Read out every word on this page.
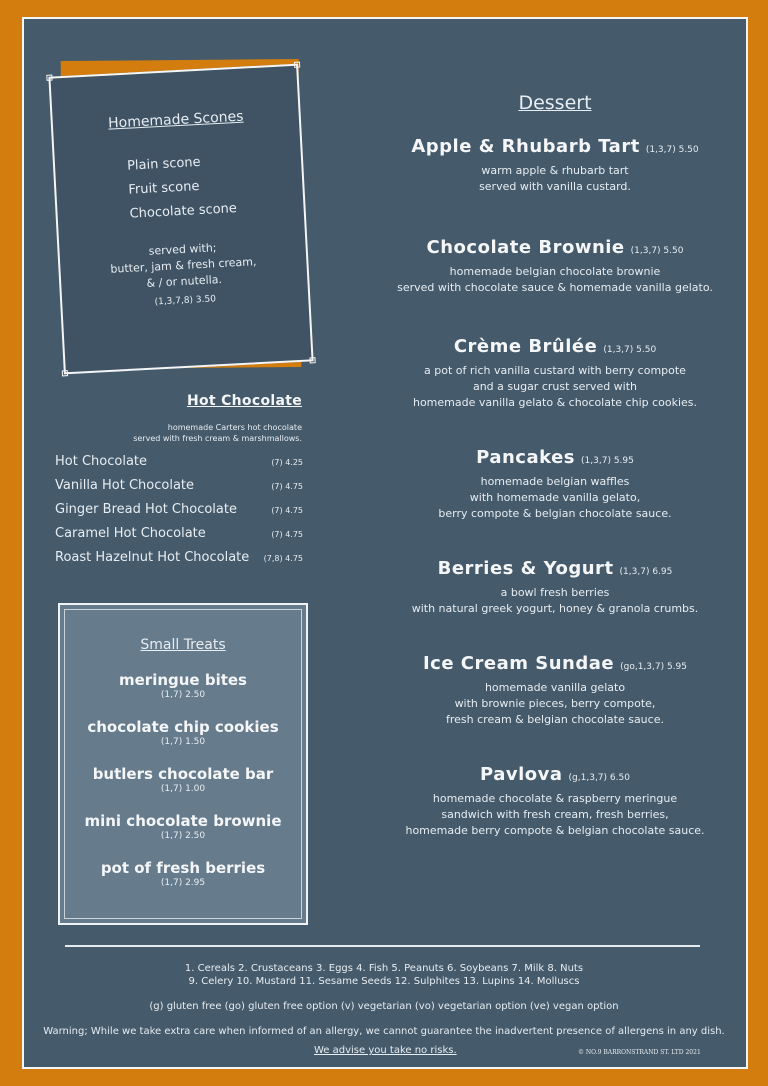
Homemade Scones
Plain scone
Fruit scone
Chocolate scone
served with;
butter, jam & fresh cream,
& / or nutella.
(1,3,7,8) 3.50
Hot Chocolate
homemade Carters hot chocolate
served with fresh cream & marshmallows.
Hot Chocolate	(7) 4.25
Vanilla Hot Chocolate	(7) 4.75
Ginger Bread Hot Chocolate	(7) 4.75
Caramel Hot Chocolate	(7) 4.75
Roast Hazelnut Hot Chocolate (7,8) 4.75
Small Treats
meringue bites
(1,7) 2.50
chocolate chip cookies
(1,7) 1.50
butlers chocolate bar
(1,7) 1.00
mini chocolate brownie
(1,7) 2.50
pot of fresh berries
(1,7) 2.95
Dessert
Apple & Rhubarb Tart (1,3,7) 5.50
warm apple & rhubarb tart
served with vanilla custard.
Chocolate Brownie (1,3,7) 5.50
homemade belgian chocolate brownie
served with chocolate sauce & homemade vanilla gelato.
Crème Brûlée (1,3,7) 5.50
a pot of rich vanilla custard with berry compote
and a sugar crust served with
homemade vanilla gelato & chocolate chip cookies.
Pancakes (1,3,7) 5.95
homemade belgian waffles
with homemade vanilla gelato,
berry compote & belgian chocolate sauce.
Berries & Yogurt (1,3,7) 6.95
a bowl fresh berries
with natural greek yogurt, honey & granola crumbs.
Ice Cream Sundae (go,1,3,7) 5.95
homemade vanilla gelato
with brownie pieces, berry compote,
fresh cream & belgian chocolate sauce.
Pavlova (g,1,3,7) 6.50
homemade chocolate & raspberry meringue
sandwich with fresh cream, fresh berries,
homemade berry compote & belgian chocolate sauce.
1. Cereals 2. Crustaceans 3. Eggs 4. Fish 5. Peanuts 6. Soybeans 7. Milk 8. Nuts
9. Celery 10. Mustard 11. Sesame Seeds 12. Sulphites 13. Lupins 14. Molluscs
(g) gluten free (go) gluten free option (v) vegetarian (vo) vegetarian option (ve) vegan option
Warning; While we take extra care when informed of an allergy, we cannot guarantee the inadvertent presence of allergens in any dish.
We advise you take no risks.	© NO.9 BARRONSTRAND ST. LTD 2021
